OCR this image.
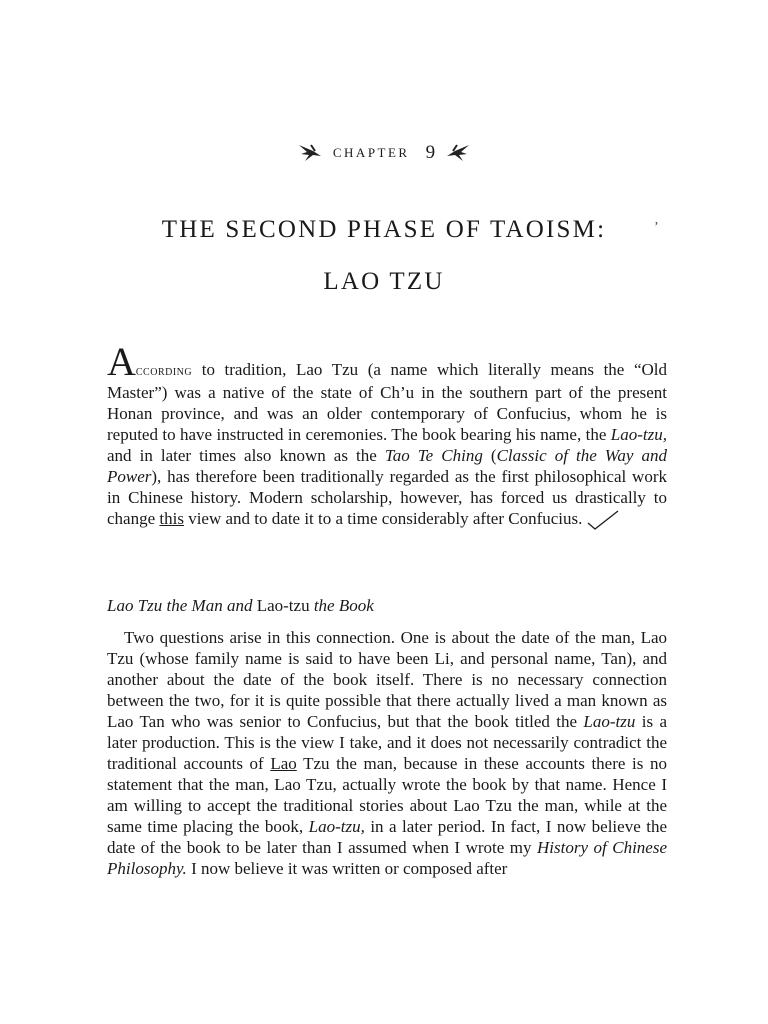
CHAPTER 9
THE SECOND PHASE OF TAOISM:	ʼ
LAO TZU

According to tradition, Lao Tzu (a name which literally means the “Old Master”) was a native of the state of Ch’u in the southern part of the present Honan province, and was an older contemporary of Confucius, whom he is reputed to have instructed in ceremonies. The book bearing his name, the Lao-tzu, and in later times also known as the Tao Te Ching (Classic of the Way and Power), has therefore been traditionally regarded as the first philosophical work in Chinese history. Modern scholarship, however, has forced us drastically to change this view and to date it to a time considerably after Confucius.

Lao Tzu the Man and Lao-tzu the Book

Two questions arise in this connection. One is about the date of the man, Lao Tzu (whose family name is said to have been Li, and personal name, Tan), and another about the date of the book itself. There is no necessary connection between the two, for it is quite possible that there actually lived a man known as Lao Tan who was senior to Confucius, but that the book titled the Lao-tzu is a later production. This is the view I take, and it does not necessarily contradict the traditional accounts of Lao Tzu the man, because in these accounts there is no statement that the man, Lao Tzu, actually wrote the book by that name. Hence I am willing to accept the traditional stories about Lao Tzu the man, while at the same time placing the book, Lao-tzu, in a later period. In fact, I now believe the date of the book to be later than I assumed when I wrote my History of Chinese Philosophy. I now believe it was written or composed after
